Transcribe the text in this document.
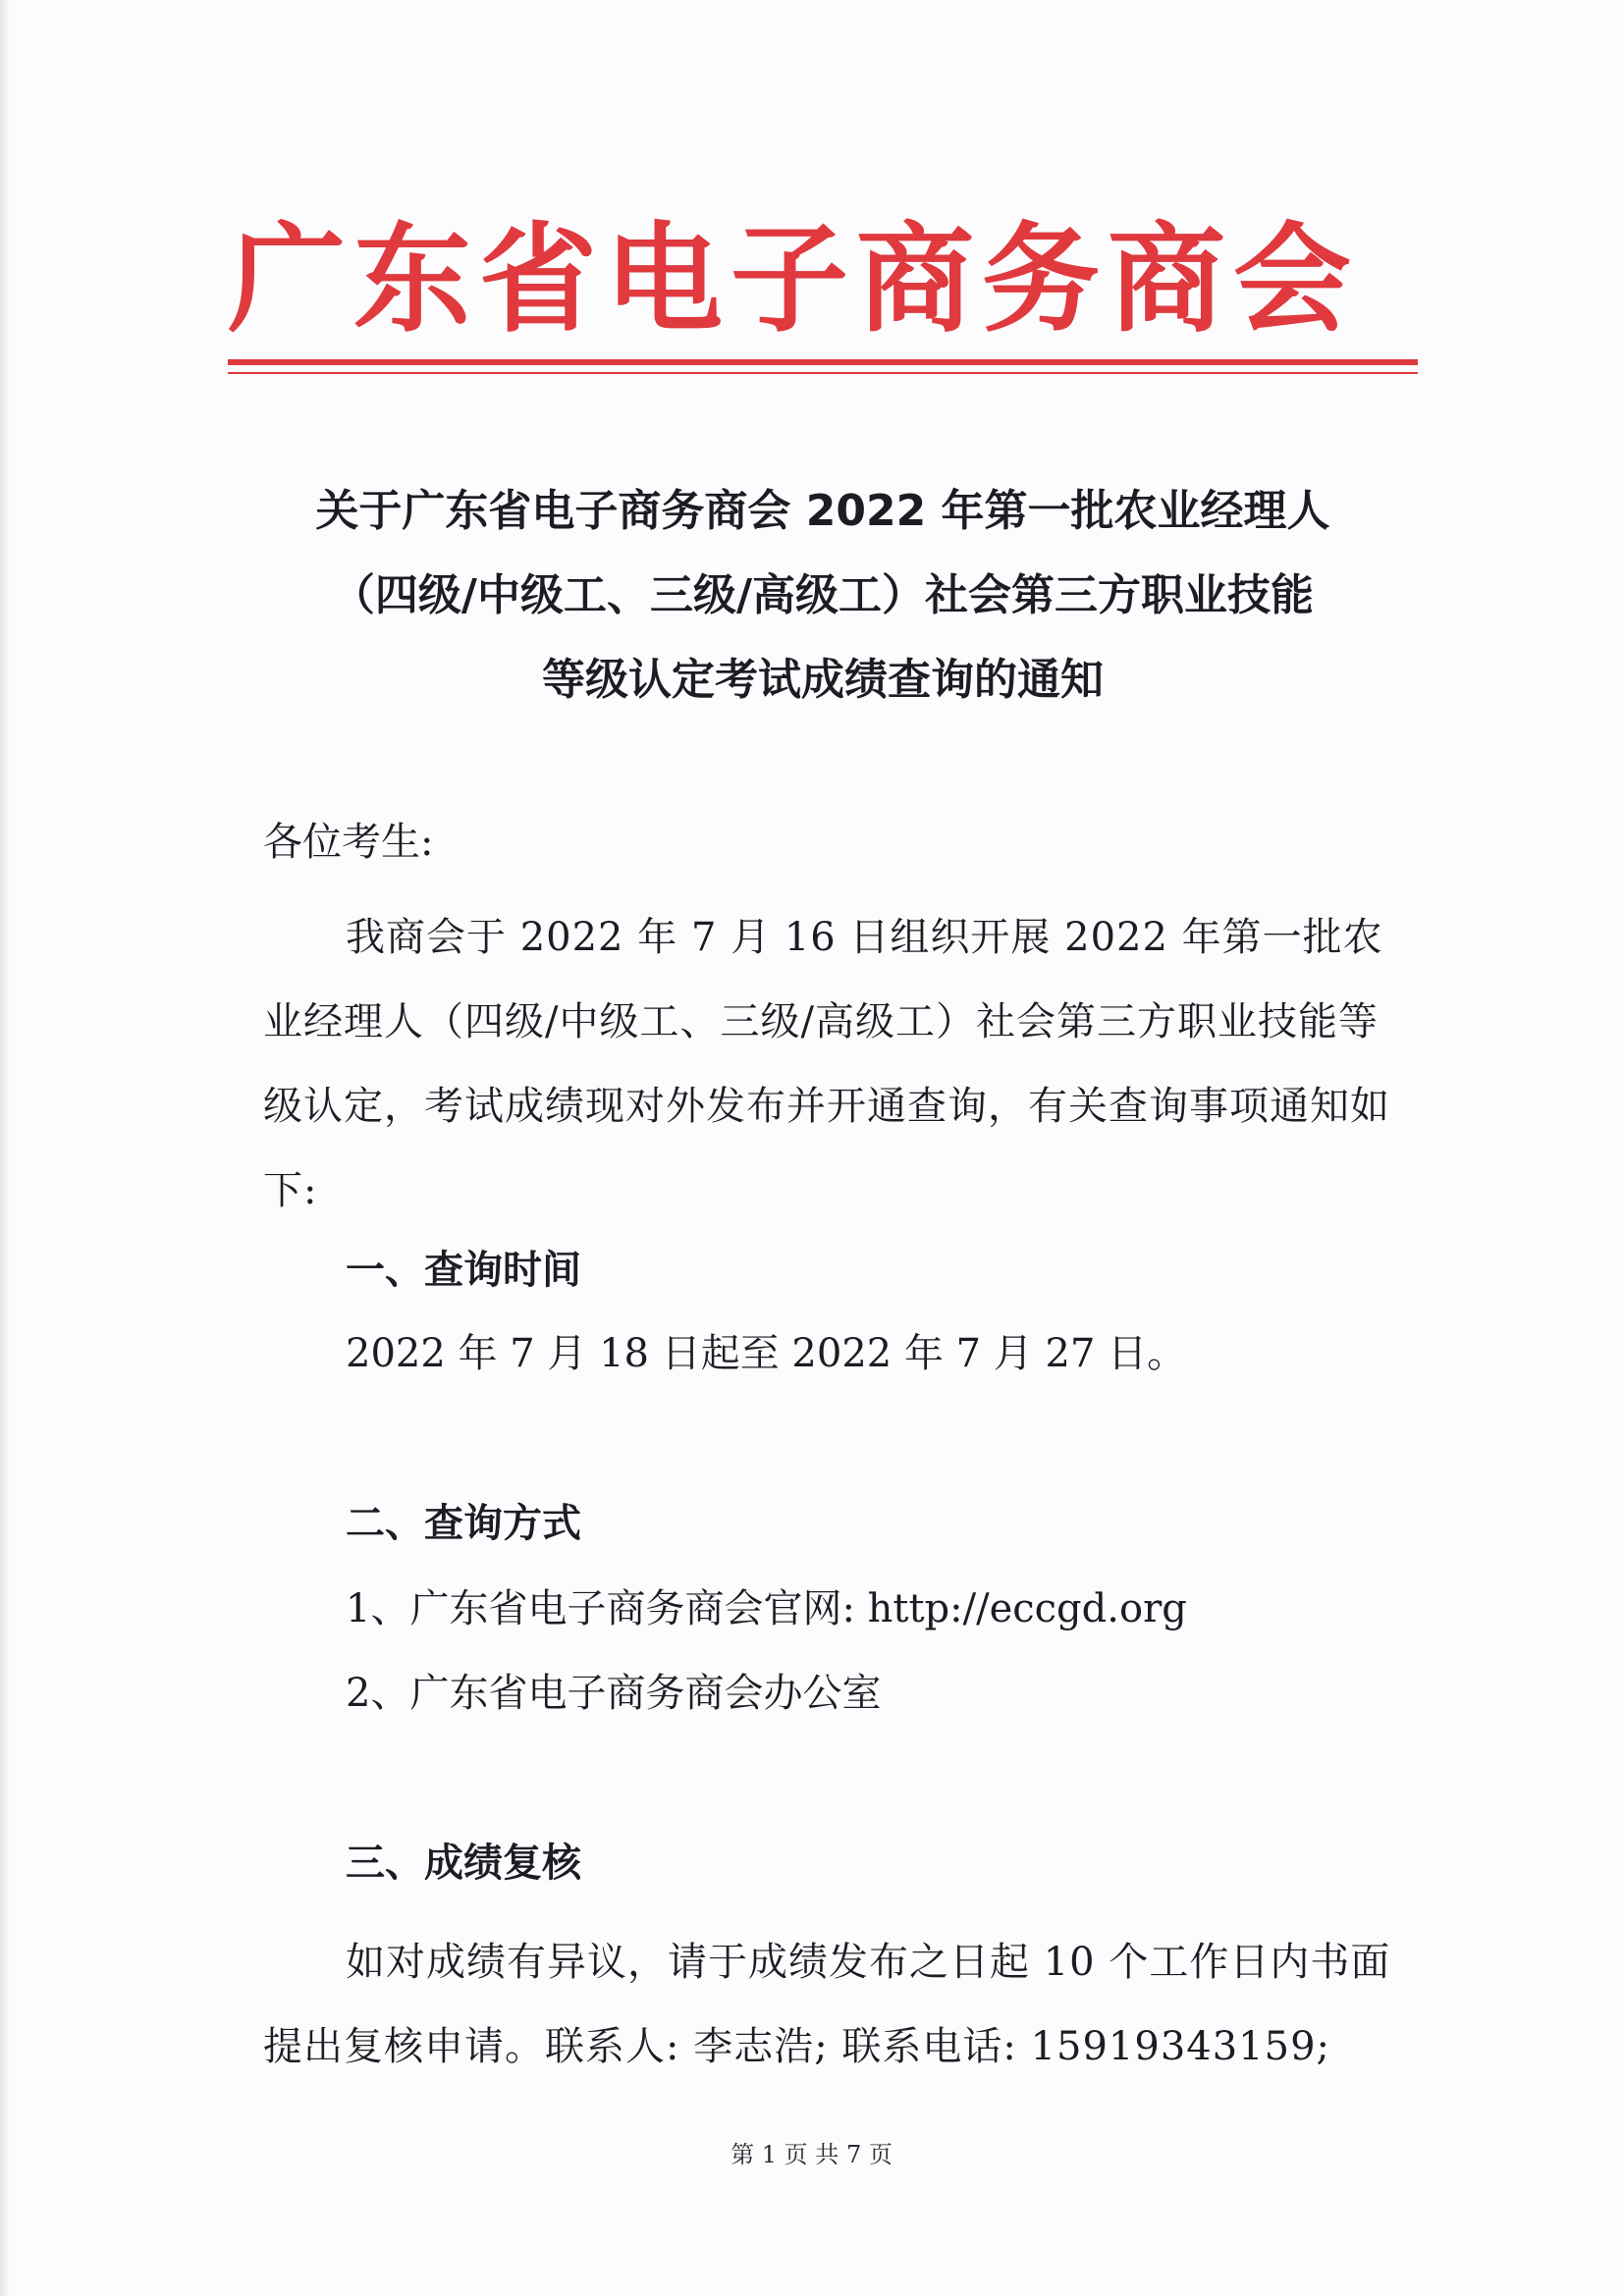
广东省电子商务商会
关于广东省电子商务商会 2022 年第一批农业经理人
（四级/中级工、三级/高级工）社会第三方职业技能
等级认定考试成绩查询的通知
各位考生:
我商会于 2022 年 7 月 16 日组织开展 2022 年第一批农业经理人（四级/中级工、三级/高级工）社会第三方职业技能等级认定，考试成绩现对外发布并开通查询，有关查询事项通知如下:
一、查询时间
2022 年 7 月 18 日起至 2022 年 7 月 27 日。
二、查询方式
1、广东省电子商务商会官网: http://eccgd.org
2、广东省电子商务商会办公室
三、成绩复核
如对成绩有异议，请于成绩发布之日起 10 个工作日内书面提出复核申请。联系人: 李志浩; 联系电话: 15919343159;
第 1 页 共 7 页
